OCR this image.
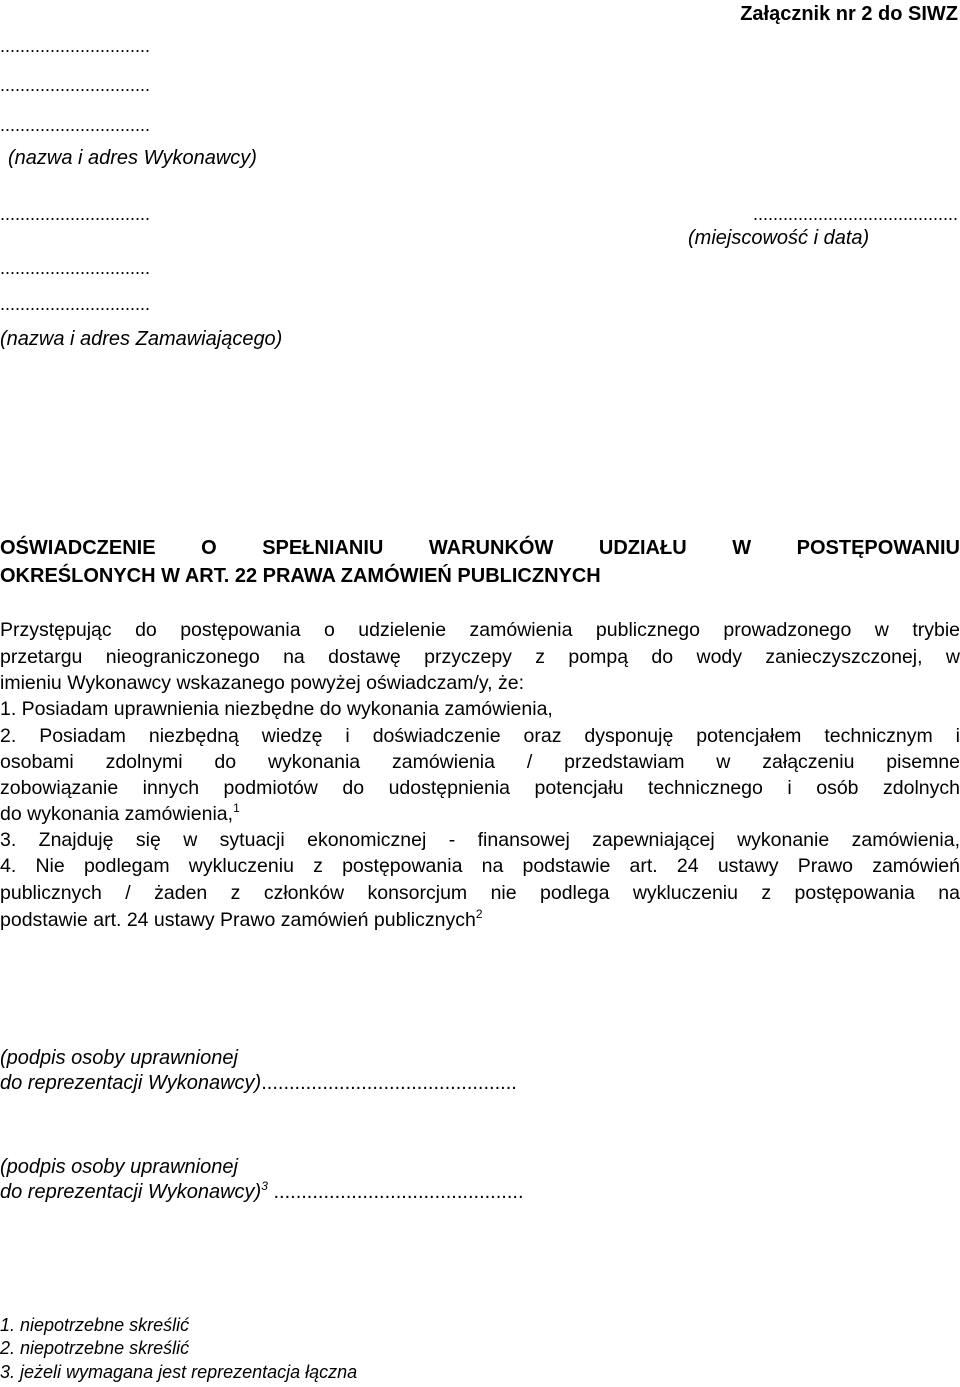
Załącznik nr 2 do SIWZ
..............................
..............................
..............................
(nazwa i adres Wykonawcy)
..............................	.........................................
(miejscowość i data)
..............................
..............................
(nazwa i adres Zamawiającego)
OŚWIADCZENIE O SPEŁNIANIU WARUNKÓW UDZIAŁU W POSTĘPOWANIU
OKREŚLONYCH W ART. 22 PRAWA ZAMÓWIEŃ PUBLICZNYCH
Przystępując do postępowania o udzielenie zamówienia publicznego prowadzonego w trybie
przetargu nieograniczonego na dostawę przyczepy z pompą do wody zanieczyszczonej, w
imieniu Wykonawcy wskazanego powyżej oświadczam/y, że:
1. Posiadam uprawnienia niezbędne do wykonania zamówienia,
2. Posiadam niezbędną wiedzę i doświadczenie oraz dysponuję potencjałem technicznym i
osobami zdolnymi do wykonania zamówienia / przedstawiam w załączeniu pisemne
zobowiązanie innych podmiotów do udostępnienia potencjału technicznego i osób zdolnych
do wykonania zamówienia,$^1$
3. Znajduję się w sytuacji ekonomicznej - finansowej zapewniającej wykonanie zamówienia,
4. Nie podlegam wykluczeniu z postępowania na podstawie art. 24 ustawy Prawo zamówień
publicznych / żaden z członków konsorcjum nie podlega wykluczeniu z postępowania na
podstawie art. 24 ustawy Prawo zamówień publicznych$^2$
(podpis osoby uprawnionej
do reprezentacji Wykonawcy)..............................................
(podpis osoby uprawnionej
do reprezentacji Wykonawcy)$^3$ .............................................
1. niepotrzebne skreślić
2. niepotrzebne skreślić
3. jeżeli wymagana jest reprezentacja łączna
